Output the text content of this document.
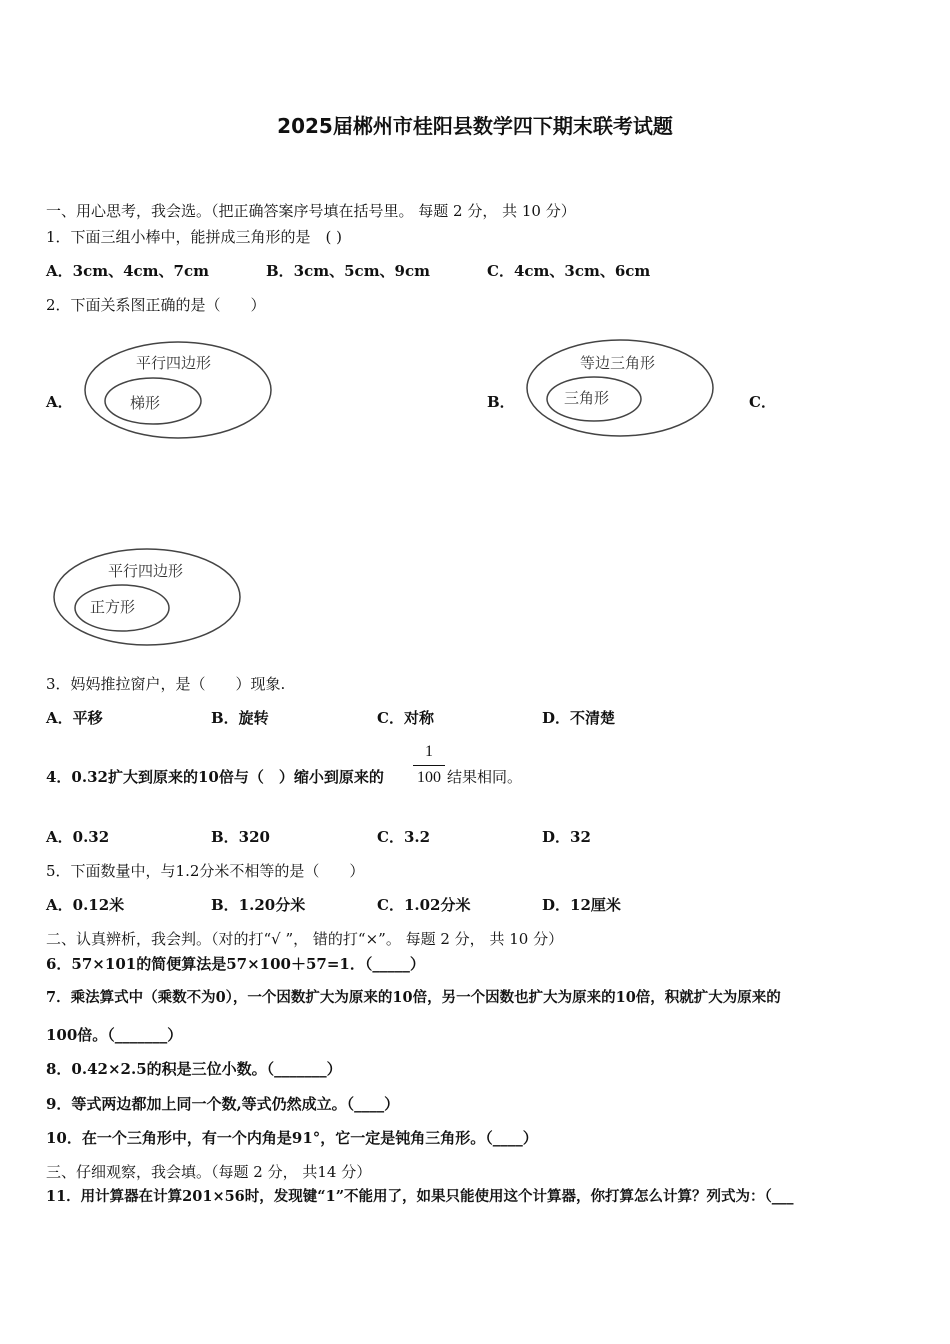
2025届郴州市桂阳县数学四下期末联考试题
一、用心思考，我会选。（把正确答案序号填在括号里。 每题 2 分， 共 10 分）
1．下面三组小棒中，能拼成三角形的是　( )
A．3cm、4cm、7cm	B．3cm、5cm、9cm	C．4cm、3cm、6cm
2．下面关系图正确的是（　　）
A．
平行四边形
梯形	B．
等边三角形
三角形	C．
平行四边形
正方形
3．妈妈推拉窗户，是（　　）现象.
A．平移	B．旋转	C．对称	D．不清楚
4．0.32扩大到原来的10倍与（　）缩小到原来的
1
100 结果相同。
A．0.32	B．320	C．3.2	D．32
5．下面数量中，与1.2分米不相等的是（　　）
A．0.12米	B．1.20分米	C．1.02分米	D．12厘米
二、认真辨析，我会判。（对的打“√ ”， 错的打“×”。 每题 2 分， 共 10 分）
6．57×101的简便算法是57×100＋57=1．（_____）
7．乘法算式中（乘数不为0），一个因数扩大为原来的10倍，另一个因数也扩大为原来的10倍，积就扩大为原来的
100倍。（_______）
8．0.42×2.5的积是三位小数。（_______）
9．等式两边都加上同一个数,等式仍然成立。（____）
10．在一个三角形中，有一个内角是91°，它一定是钝角三角形。（____）
三、仔细观察，我会填。（每题 2 分， 共14 分）
11．用计算器在计算201×56时，发现键“1”不能用了，如果只能使用这个计算器，你打算怎么计算？列式为：（___
